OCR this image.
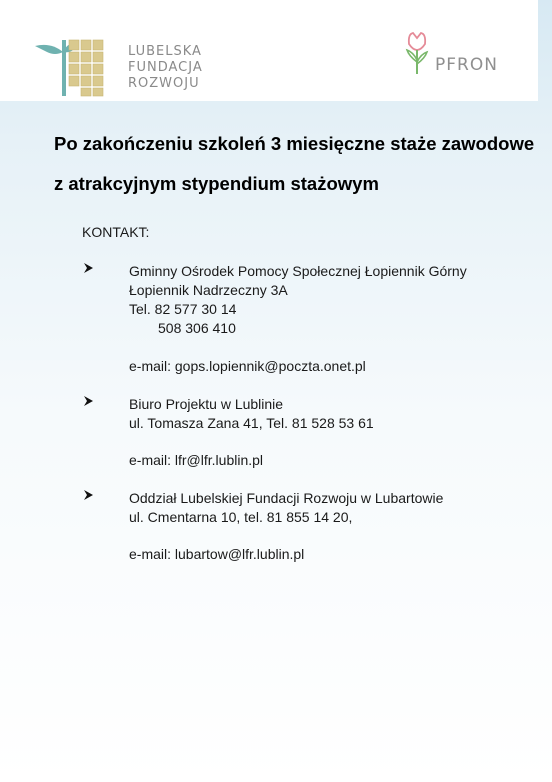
LUBELSKA
FUNDACJA
ROZWOJU
PFRON
Po zakończeniu szkoleń 3 miesięczne staże zawodowe
z atrakcyjnym stypendium stażowym
KONTAKT:
Gminny Ośrodek Pomocy Społecznej Łopiennik Górny
Łopiennik Nadrzeczny 3A
Tel. 82 577 30 14
508 306 410
e-mail: gops.lopiennik@poczta.onet.pl
Biuro Projektu w Lublinie
ul. Tomasza Zana 41, Tel. 81 528 53 61
e-mail: lfr@lfr.lublin.pl
Oddział Lubelskiej Fundacji Rozwoju w Lubartowie
ul. Cmentarna 10, tel. 81 855 14 20,
e-mail: lubartow@lfr.lublin.pl
